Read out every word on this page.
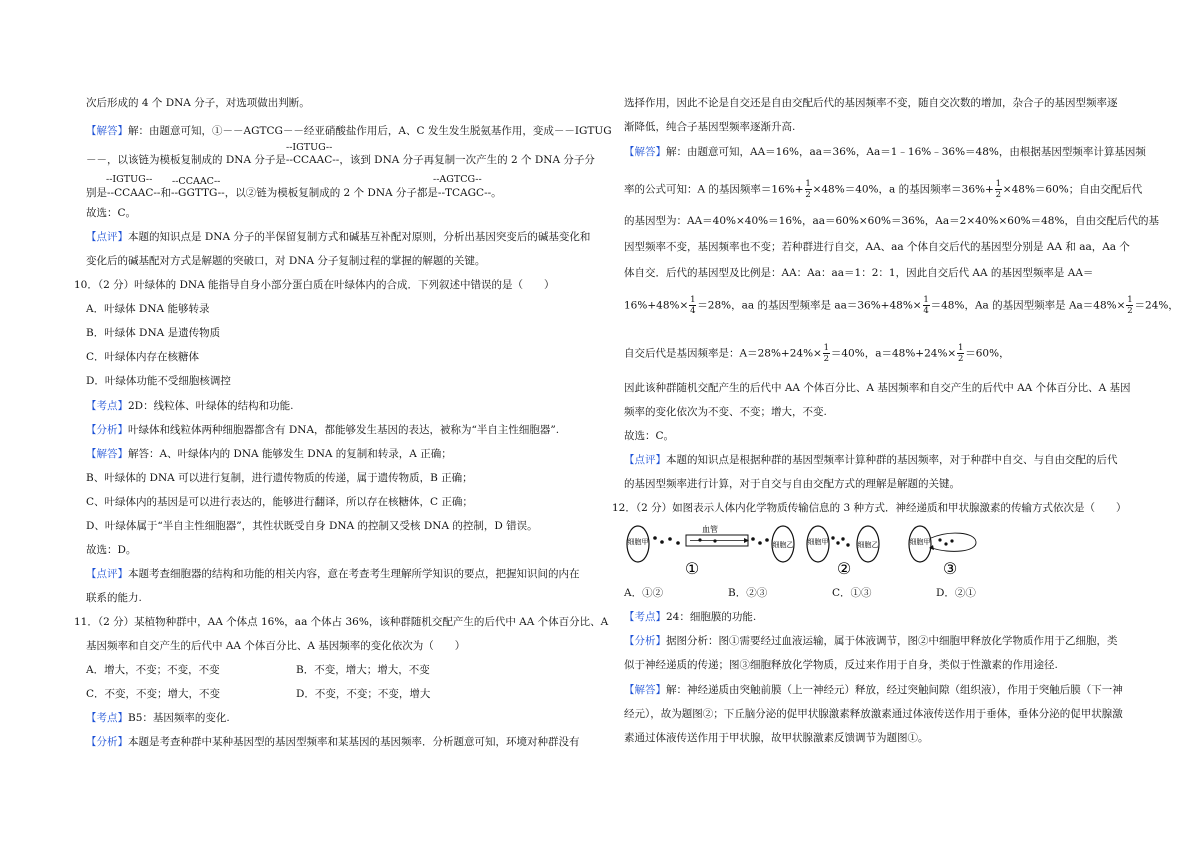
次后形成的 4 个 DNA 分子，对选项做出判断。
【解答】解：由题意可知，①－－AGTCG－－经亚硝酸盐作用后，A、C 发生发生脱氨基作用，变成－－IGTUG
--IGTUG--
－－，以该链为模板复制成的 DNA 分子是--CCAAC--，该到 DNA 分子再复制一次产生的 2 个 DNA 分子分
--IGTUG-- --CCAAC--	--AGTCG--
别是--CCAAC--和--GGTTG--，以②链为模板复制成的 2 个 DNA 分子都是--TCAGC--。
故选：C。
【点评】本题的知识点是 DNA 分子的半保留复制方式和碱基互补配对原则，分析出基因突变后的碱基变化和
变化后的碱基配对方式是解题的突破口，对 DNA 分子复制过程的掌握的解题的关键。
10．（2 分）叶绿体的 DNA 能指导自身小部分蛋白质在叶绿体内的合成．下列叙述中错误的是（　　）
A．叶绿体 DNA 能够转录
B．叶绿体 DNA 是遗传物质
C．叶绿体内存在核糖体
D．叶绿体功能不受细胞核调控
【考点】2D：线粒体、叶绿体的结构和功能.
【分析】叶绿体和线粒体两种细胞器都含有 DNA，都能够发生基因的表达，被称为“半自主性细胞器”.
【解答】解答：A、叶绿体内的 DNA 能够发生 DNA 的复制和转录，A 正确；
B、叶绿体的 DNA 可以进行复制，进行遗传物质的传递，属于遗传物质，B 正确；
C、叶绿体内的基因是可以进行表达的，能够进行翻译，所以存在核糖体，C 正确；
D、叶绿体属于“半自主性细胞器”，其性状既受自身 DNA 的控制又受核 DNA 的控制，D 错误。
故选：D。
【点评】本题考查细胞器的结构和功能的相关内容，意在考查考生理解所学知识的要点，把握知识间的内在
联系的能力.
11．（2 分）某植物种群中，AA 个体点 16%，aa 个体占 36%，该种群随机交配产生的后代中 AA 个体百分比、A
基因频率和自交产生的后代中 AA 个体百分比、A 基因频率的变化依次为（　　）
A．增大，不变；不变，不变	B．不变，增大；增大，不变
C．不变，不变；增大，不变	D．不变，不变；不变，增大
【考点】B5：基因频率的变化.
【分析】本题是考查种群中某种基因型的基因型频率和某基因的基因频率．分析题意可知，环境对种群没有
选择作用，因此不论是自交还是自由交配后代的基因频率不变，随自交次数的增加，杂合子的基因型频率逐
渐降低，纯合子基因型频率逐渐升高.
【解答】解：由题意可知，AA＝16%，aa＝36%，Aa＝1﹣16%﹣36%＝48%，由根据基因型频率计算基因频
率的公式可知：A 的基因频率$=16\%+ \frac{1}{2} \times 48\%=40\%$，a 的基因频率$=36\%+ \frac{1}{2} \times 48\%=60\%$；自由交配后代
的基因型为：AA＝40%×40%＝16%，aa＝60%×60%＝36%，Aa＝2×40%×60%＝48%，自由交配后代的基
因型频率不变，基因频率也不变；若种群进行自交，AA、aa 个体自交后代的基因型分别是 AA 和 aa，Aa 个
体自交．后代的基因型及比例是：AA：Aa：aa＝1：2：1，因此自交后代 AA 的基因型频率是 AA＝
$16\%+48\%\times \frac{1}{4} =28\%$，aa 的基因型频率是 $aa=36\%+48\%\times \frac{1}{4} =48\%$，Aa 的基因型频率是 $Aa=48\%\times \frac{1}{2} =24\%$，
自交后代是基因频率是：$A=28\%+24\%\times \frac{1}{2} =40\%$，$a=48\%+24\%\times \frac{1}{2} =60\%$，
因此该种群随机交配产生的后代中 AA 个体百分比、A 基因频率和自交产生的后代中 AA 个体百分比、A 基因
频率的变化依次为不变、不变；增大，不变.
故选：C。
【点评】本题的知识点是根据种群的基因型频率计算种群的基因频率，对于种群中自交、与自由交配的后代
的基因型频率进行计算，对于自交与自由交配方式的理解是解题的关键。
12．（2 分）如图表示人体内化学物质传输信息的 3 种方式．神经递质和甲状腺激素的传输方式依次是（　　）
细胞甲
血管
细胞乙
①
细胞甲	细胞乙
②
细胞甲
③
A．①②	B．②③	C．①③	D．②①
【考点】24：细胞膜的功能.
【分析】据图分析：图①需要经过血液运输，属于体液调节，图②中细胞甲释放化学物质作用于乙细胞，类
似于神经递质的传递；图③细胞释放化学物质，反过来作用于自身，类似于性激素的作用途径.
【解答】解：神经递质由突触前膜（上一神经元）释放，经过突触间隙（组织液），作用于突触后膜（下一神
经元），故为题图②；下丘脑分泌的促甲状腺激素释放激素通过体液传送作用于垂体，垂体分泌的促甲状腺激
素通过体液传送作用于甲状腺，故甲状腺激素反馈调节为题图①。
